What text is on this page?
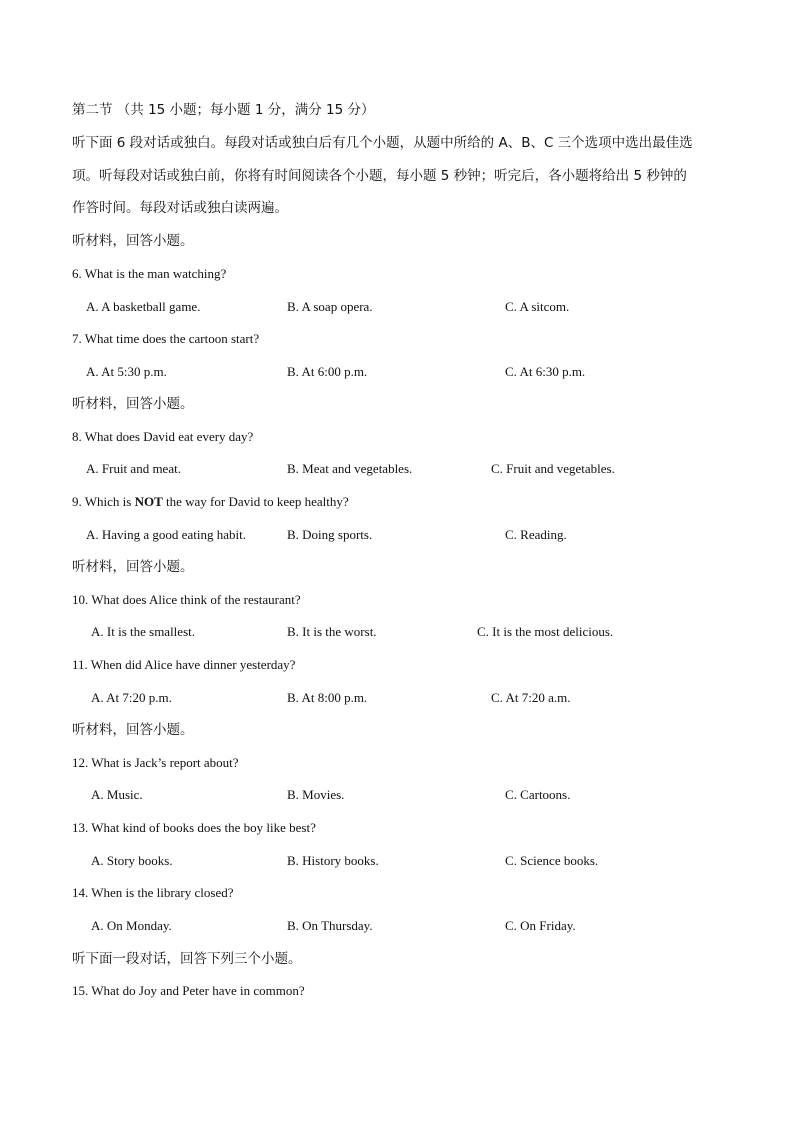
第二节 （共 15 小题；每小题 1 分，满分 15 分）
听下面 6 段对话或独白。每段对话或独白后有几个小题，从题中所给的 A、B、C 三个选项中选出最佳选
项。听每段对话或独白前，你将有时间阅读各个小题，每小题 5 秒钟；听完后，各小题将给出 5 秒钟的
作答时间。每段对话或独白读两遍。
听材料，回答小题。
6. What is the man watching?
A. A basketball game.	B. A soap opera.	C. A sitcom.
7. What time does the cartoon start?
A. At 5:30 p.m.	B. At 6:00 p.m.	C. At 6:30 p.m.
听材料，回答小题。
8. What does David eat every day?
A. Fruit and meat.	B. Meat and vegetables.	C. Fruit and vegetables.
9. Which is NOT the way for David to keep healthy?
A. Having a good eating habit.	B. Doing sports.	C. Reading.
听材料，回答小题。
10. What does Alice think of the restaurant?
A. It is the smallest.	B. It is the worst.	C. It is the most delicious.
11. When did Alice have dinner yesterday?
A. At 7:20 p.m.	B. At 8:00 p.m.	C. At 7:20 a.m.
听材料，回答小题。
12. What is Jack’s report about?
A. Music.	B. Movies.	C. Cartoons.
13. What kind of books does the boy like best?
A. Story books.	B. History books.	C. Science books.
14. When is the library closed?
A. On Monday.	B. On Thursday.	C. On Friday.
听下面一段对话，回答下列三个小题。
15. What do Joy and Peter have in common?
